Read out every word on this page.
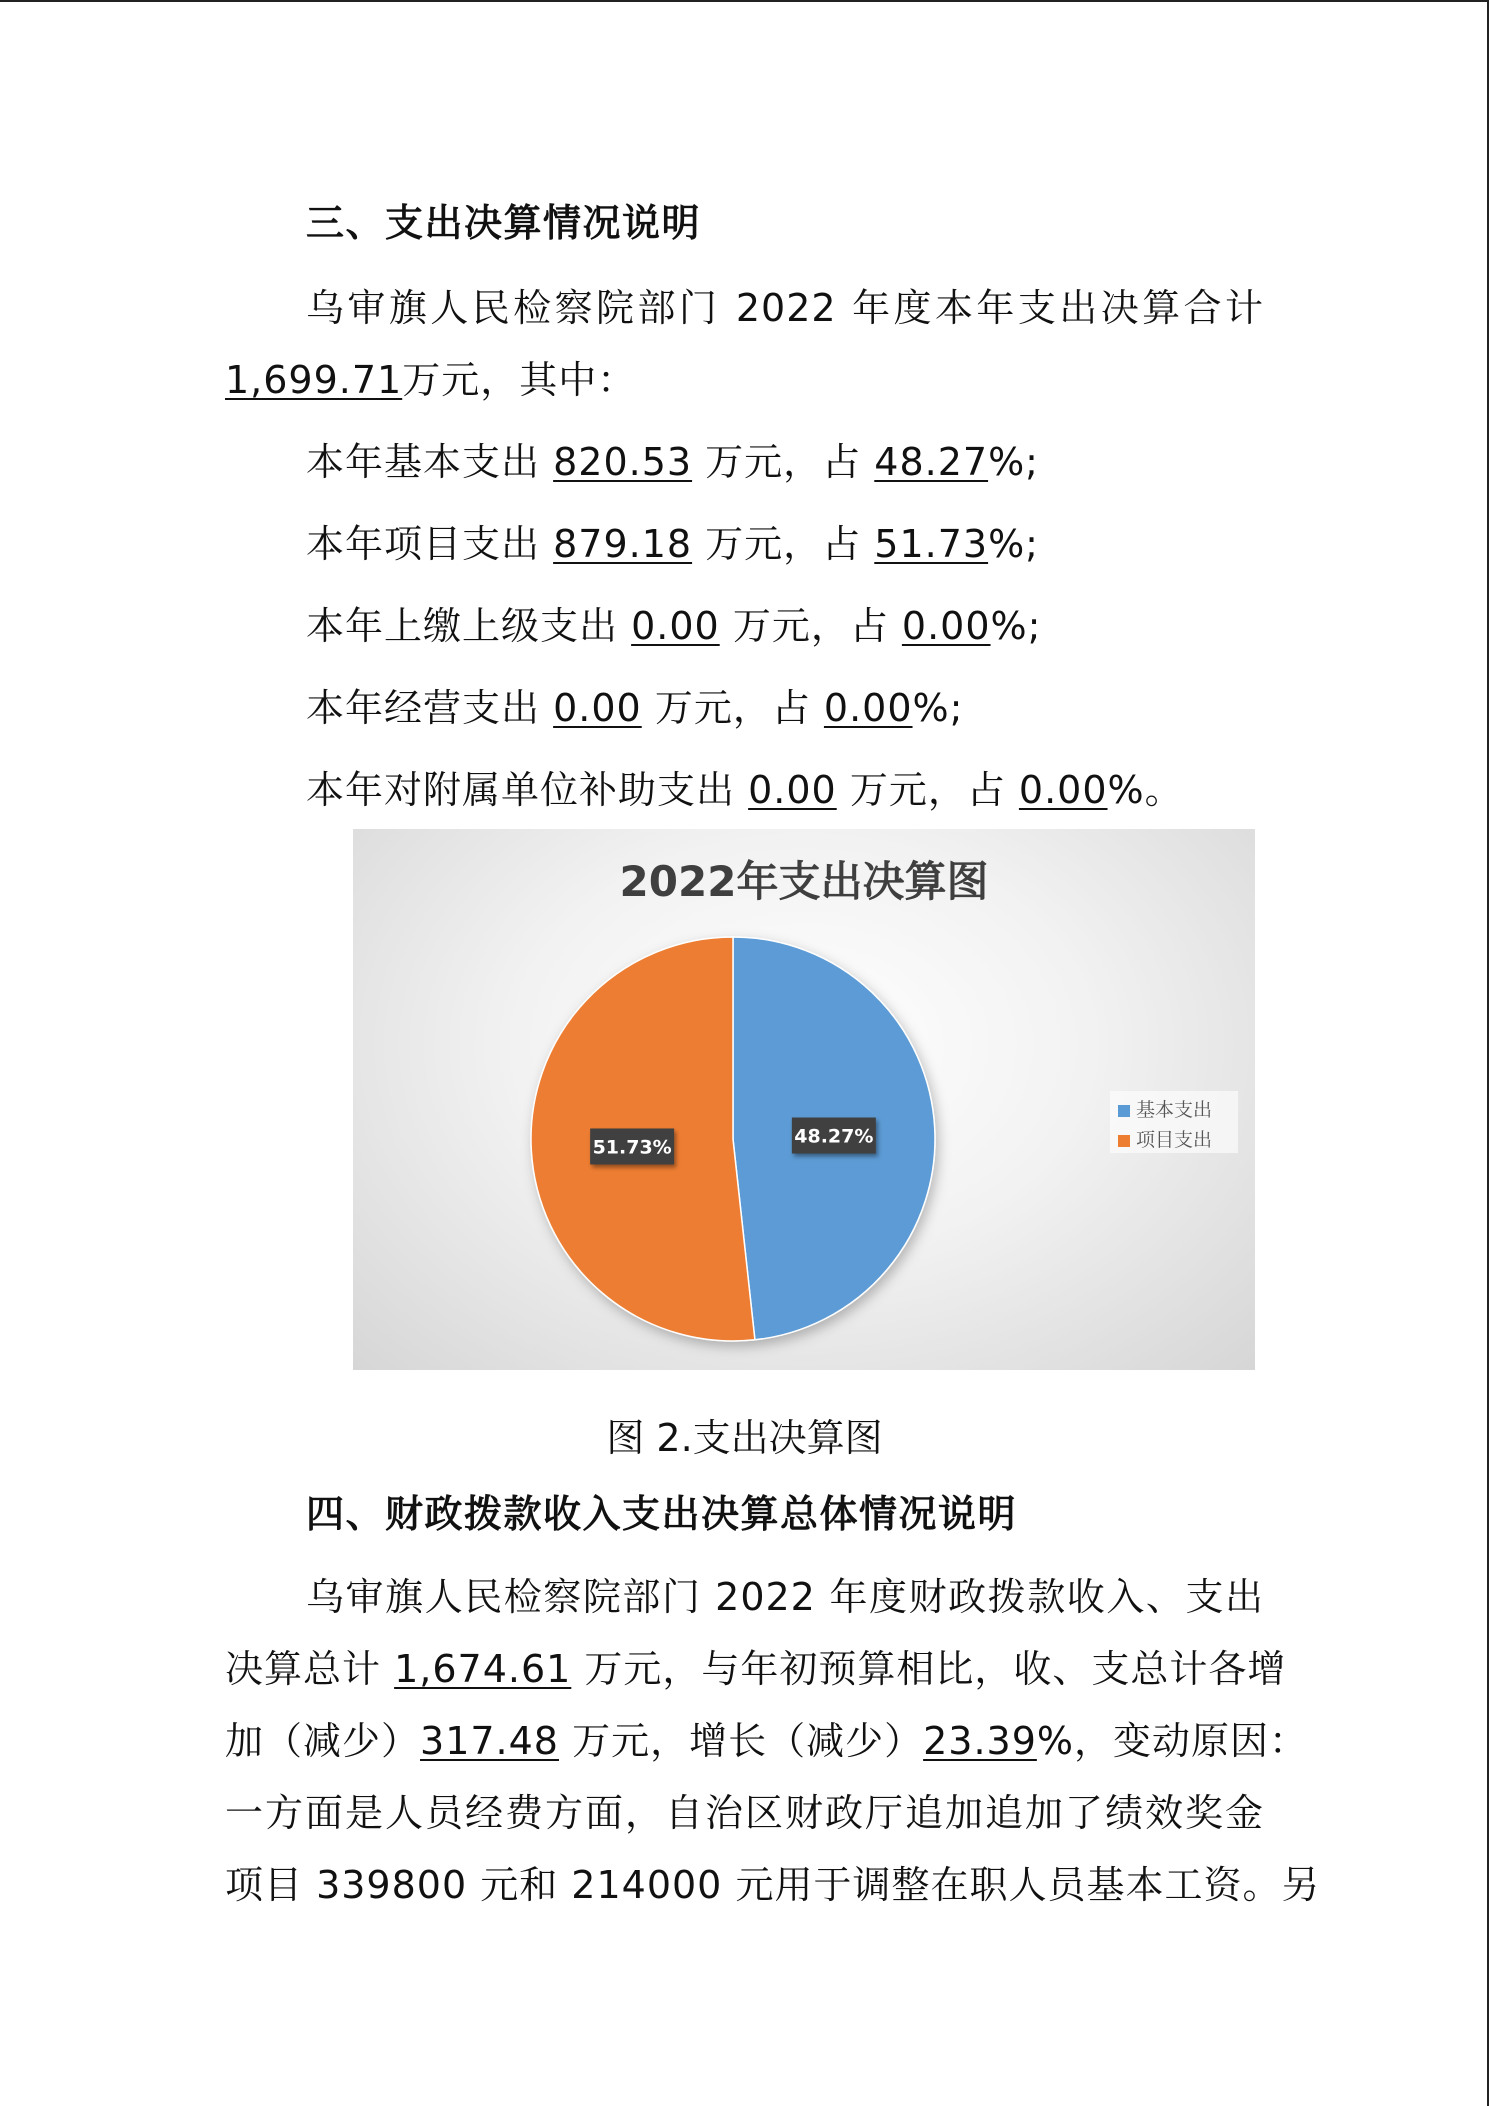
三、支出决算情况说明
乌审旗人民检察院部门 2022 年度本年支出决算合计
1,699.71万元，其中：
本年基本支出 820.53 万元，占 48.27%;
本年项目支出 879.18 万元，占 51.73%;
本年上缴上级支出 0.00 万元，占 0.00%;
本年经营支出 0.00 万元，占 0.00%;
本年对附属单位补助支出 0.00 万元，占 0.00%。
2022年支出决算图
48.27%
51.73%
基本支出
项目支出
图 2.支出决算图
四、财政拨款收入支出决算总体情况说明
乌审旗人民检察院部门 2022 年度财政拨款收入、支出
决算总计 1,674.61 万元，与年初预算相比，收、支总计各增
加（减少）317.48 万元，增长（减少）23.39%，变动原因：
一方面是人员经费方面，自治区财政厅追加追加了绩效奖金
项目 339800 元和 214000 元用于调整在职人员基本工资。另
